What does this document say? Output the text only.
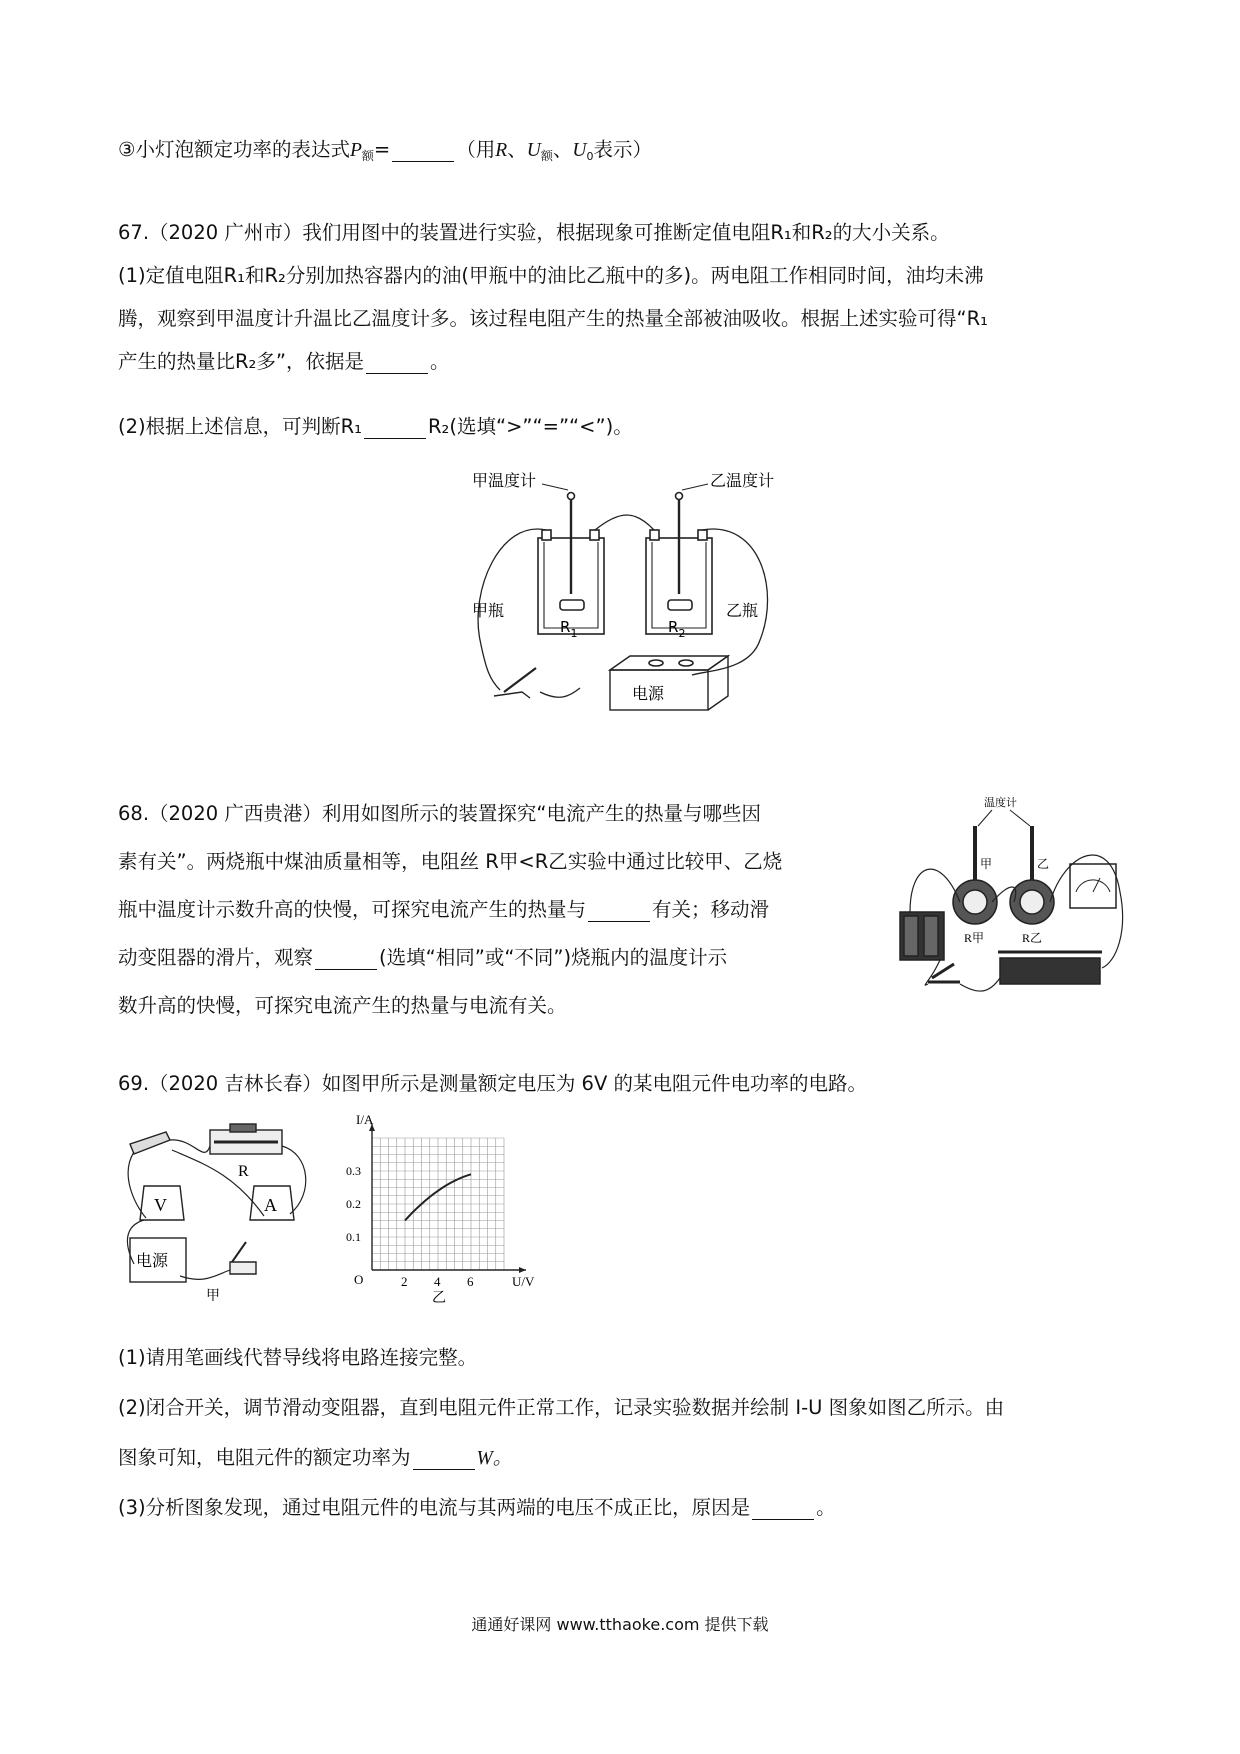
③小灯泡额定功率的表达式$P_额=$	（用R、$U_额$、$U_0$表示）
67.（2020 广州市）我们用图中的装置进行实验，根据现象可推断定值电阻R₁和R₂的大小关系。
(1)定值电阻R₁和R₂分别加热容器内的油(甲瓶中的油比乙瓶中的多)。两电阻工作相同时间，油均未沸
腾，观察到甲温度计升温比乙温度计多。该过程电阻产生的热量全部被油吸收。根据上述实验可得“R₁
产生的热量比R₂多”，依据是	。
(2)根据上述信息，可判断R₁	R₂(选填“>”“=”“<”)。
甲温度计	乙温度计
甲瓶	乙瓶
$R_1$	$R_2$
电源
68.（2020 广西贵港）利用如图所示的装置探究“电流产生的热量与哪些因
素有关”。两烧瓶中煤油质量相等，电阻丝 R甲<R乙实验中通过比较甲、乙烧
瓶中温度计示数升高的快慢，可探究电流产生的热量与	有关；移动滑
动变阻器的滑片，观察	(选填“相同”或“不同”)烧瓶内的温度计示
数升高的快慢，可探究电流产生的热量与电流有关。
温度计
甲	乙
R甲	R乙
69.（2020 吉林长春）如图甲所示是测量额定电压为 6V 的某电阻元件电功率的电路。
V	A
R
电源
甲
2 4 6
0.1
0.2
0.3
I/A
U/V
O
乙
(1)请用笔画线代替导线将电路连接完整。
(2)闭合开关，调节滑动变阻器，直到电阻元件正常工作，记录实验数据并绘制 I-U 图象如图乙所示。由
图象可知，电阻元件的额定功率为	W。
(3)分析图象发现，通过电阻元件的电流与其两端的电压不成正比，原因是	。
通通好课网 www.tthaoke.com 提供下载
